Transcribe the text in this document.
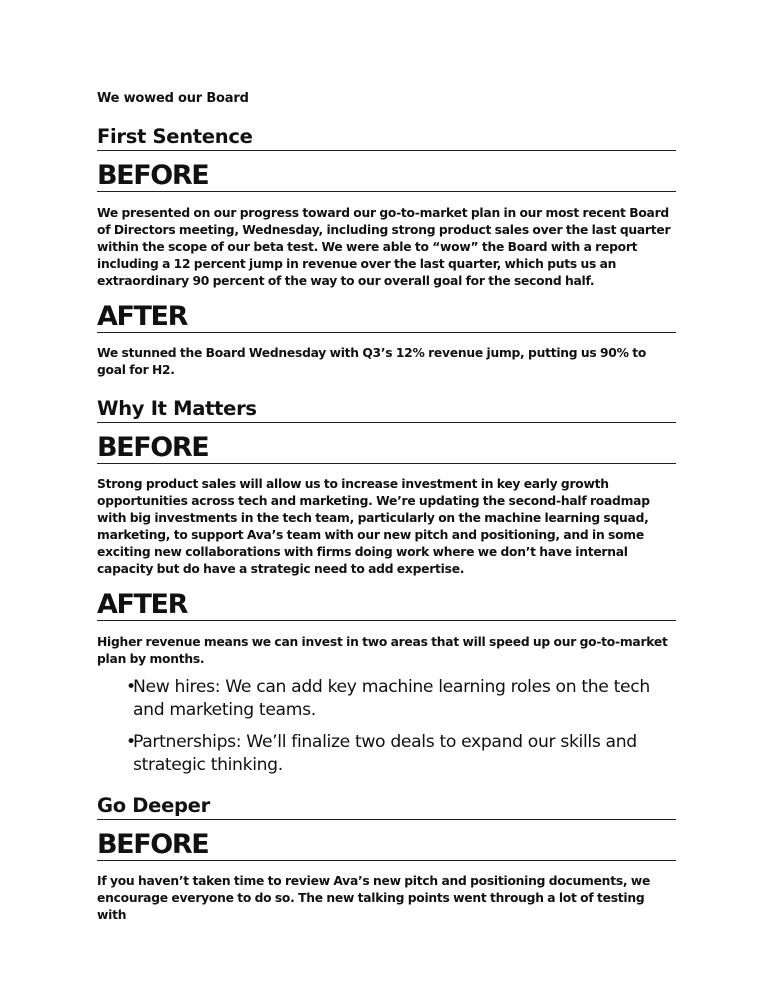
We wowed our Board
First Sentence
BEFORE
We presented on our progress toward our go-to-market plan in our most recent Board of Directors meeting, Wednesday, including strong product sales over the last quarter within the scope of our beta test. We were able to “wow” the Board with a report including a 12 percent jump in revenue over the last quarter, which puts us an extraordinary 90 percent of the way to our overall goal for the second half.
AFTER
We stunned the Board Wednesday with Q3’s 12% revenue jump, putting us 90% to goal for H2.
Why It Matters
BEFORE
Strong product sales will allow us to increase investment in key early growth opportunities across tech and marketing. We’re updating the second-half roadmap with big investments in the tech team, particularly on the machine learning squad, marketing, to support Ava’s team with our new pitch and positioning, and in some exciting new collaborations with firms doing work where we don’t have internal capacity but do have a strategic need to add expertise.
AFTER
Higher revenue means we can invest in two areas that will speed up our go-to-market plan by months.
•
New hires: We can add key machine learning roles on the tech and marketing teams.
•
Partnerships: We’ll finalize two deals to expand our skills and strategic thinking.
Go Deeper
BEFORE
If you haven’t taken time to review Ava’s new pitch and positioning documents, we encourage everyone to do so. The new talking points went through a lot of testing with
